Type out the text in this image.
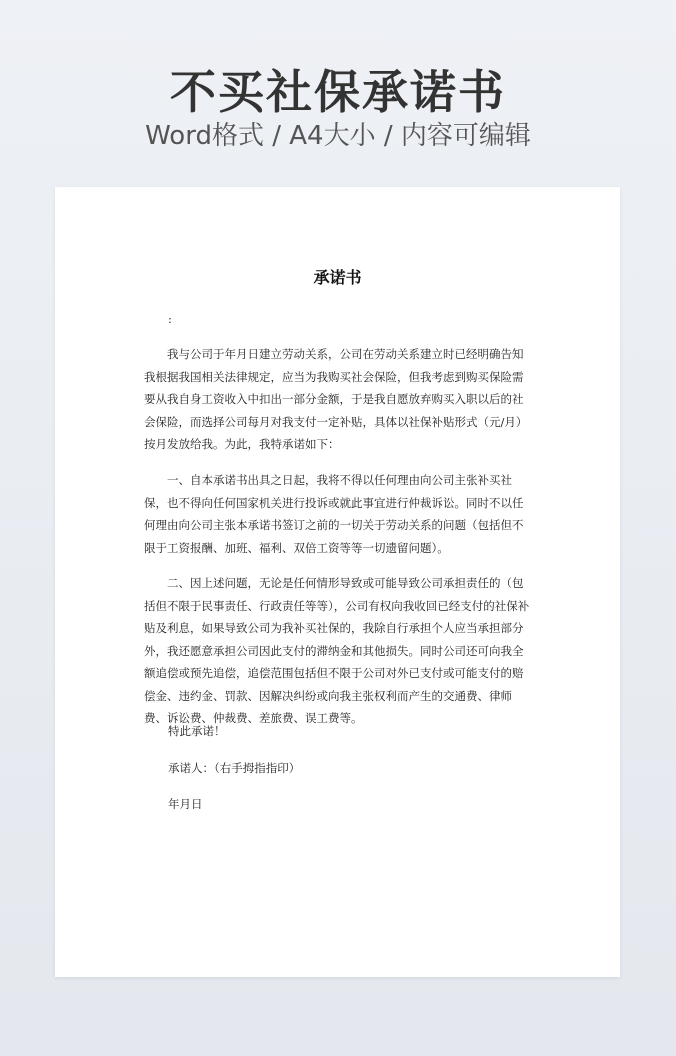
不买社保承诺书
Word格式 / A4大小 / 内容可编辑
承诺书
:

我与公司于年月日建立劳动关系，公司在劳动关系建立时已经明确告知我根据我国相关法律规定，应当为我购买社会保险，但我考虑到购买保险需要从我自身工资收入中扣出一部分金额，于是我自愿放弃购买入职以后的社会保险，而选择公司每月对我支付一定补贴，具体以社保补贴形式（元/月）按月发放给我。为此，我特承诺如下：

一、自本承诺书出具之日起，我将不得以任何理由向公司主张补买社保，也不得向任何国家机关进行投诉或就此事宜进行仲裁诉讼。同时不以任何理由向公司主张本承诺书签订之前的一切关于劳动关系的问题（包括但不限于工资报酬、加班、福利、双倍工资等等一切遗留问题）。

二、因上述问题，无论是任何情形导致或可能导致公司承担责任的（包括但不限于民事责任、行政责任等等），公司有权向我收回已经支付的社保补贴及利息，如果导致公司为我补买社保的，我除自行承担个人应当承担部分外，我还愿意承担公司因此支付的滞纳金和其他损失。同时公司还可向我全额追偿或预先追偿，追偿范围包括但不限于公司对外已支付或可能支付的赔偿金、违约金、罚款、因解决纠纷或向我主张权利而产生的交通费、律师费、诉讼费、仲裁费、差旅费、误工费等。

特此承诺！
承诺人：（右手拇指指印）
年月日
